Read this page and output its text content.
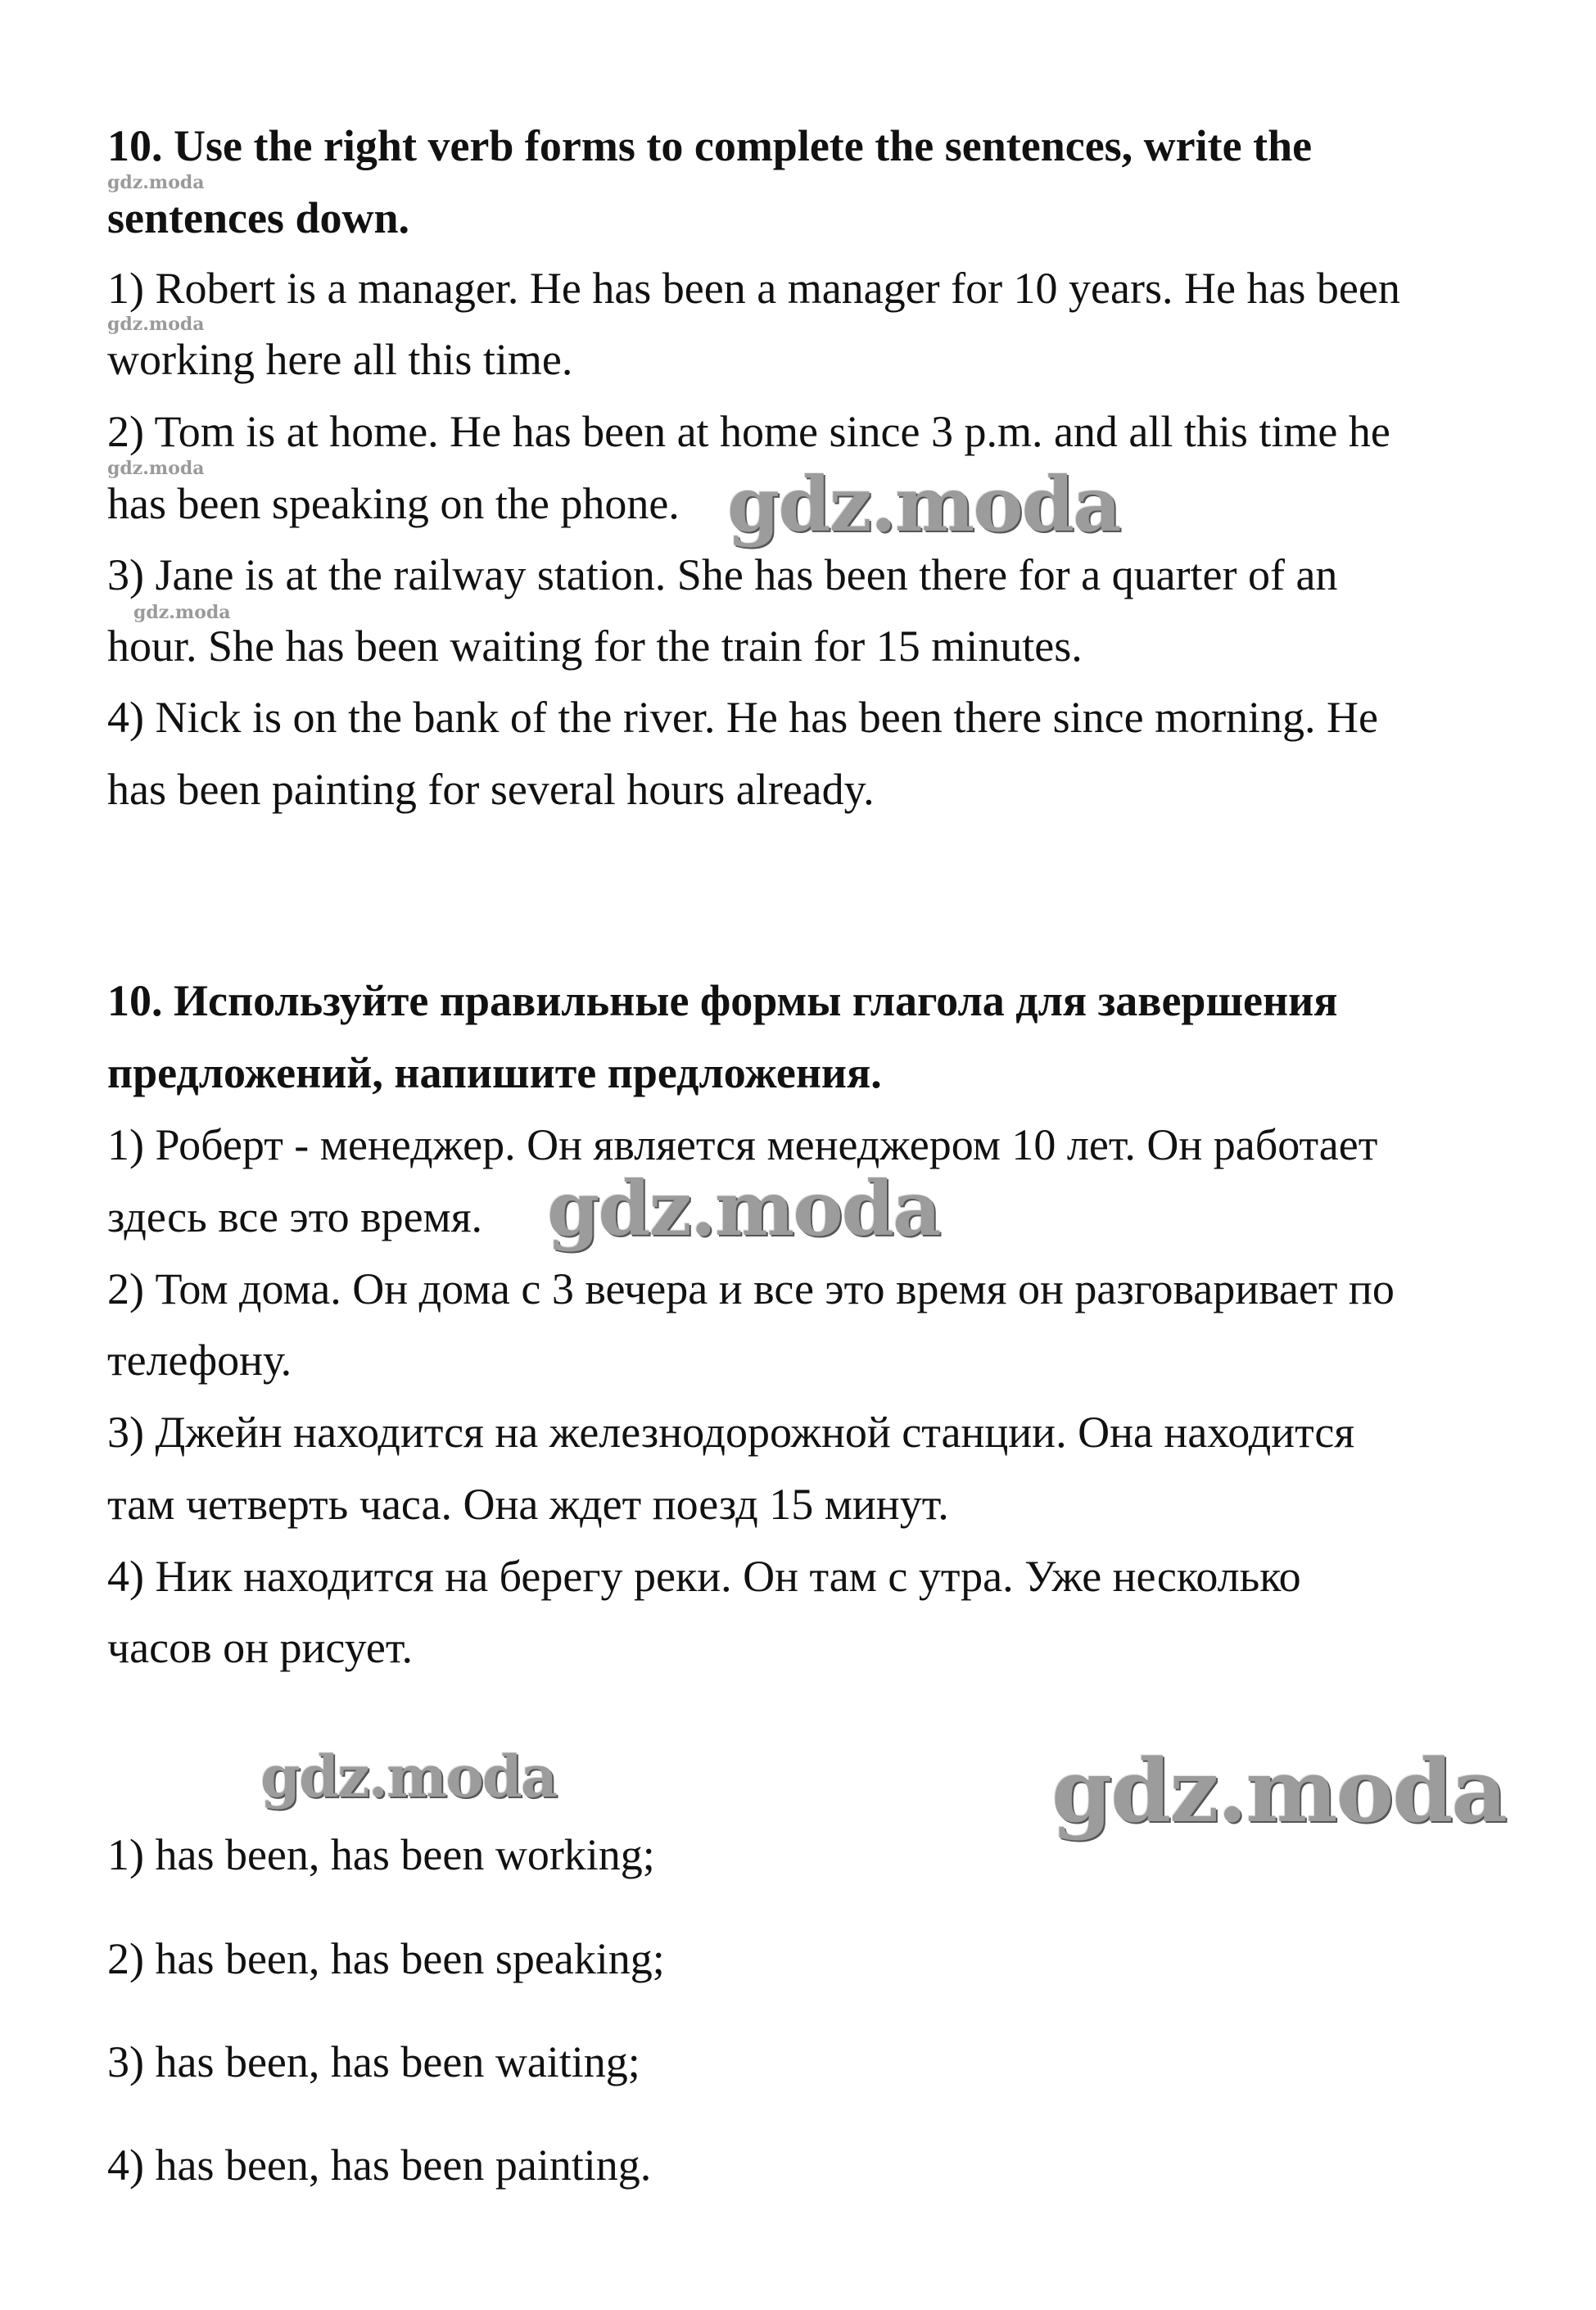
10. Use the right verb forms to complete the sentences, write the
sentences down.
1) Robert is a manager. He has been a manager for 10 years. He has been
working here all this time.
2) Tom is at home. He has been at home since 3 p.m. and all this time he
has been speaking on the phone.
3) Jane is at the railway station. She has been there for a quarter of an
hour. She has been waiting for the train for 15 minutes.
4) Nick is on the bank of the river. He has been there since morning. He
has been painting for several hours already.
10. Используйте правильные формы глагола для завершения
предложений, напишите предложения.
1) Роберт - менеджер. Он является менеджером 10 лет. Он работает
здесь все это время.
2) Том дома. Он дома с 3 вечера и все это время он разговаривает по
телефону.
3) Джейн находится на железнодорожной станции. Она находится
там четверть часа. Она ждет поезд 15 минут.
4) Ник находится на берегу реки. Он там с утра. Уже несколько
часов он рисует.
1) has been, has been working;
2) has been, has been speaking;
3) has been, has been waiting;
4) has been, has been painting.
gdz.moda
gdz.moda
gdz.moda
gdz.moda
gdz.moda
gdz.moda
gdz.moda	gdz.moda
